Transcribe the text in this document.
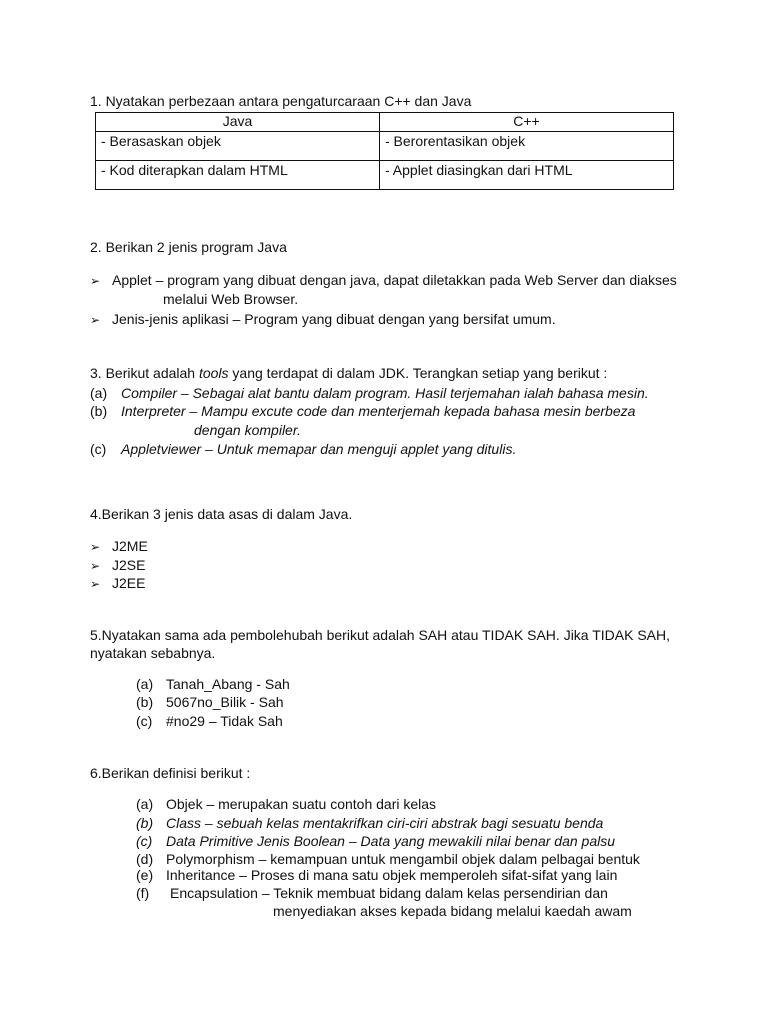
1. Nyatakan perbezaan antara pengaturcaraan C++ dan Java
Java	C++
- Berasaskan objek	- Berorentasikan objek
- Kod diterapkan dalam HTML	- Applet diasingkan dari HTML
2. Berikan 2 jenis program Java
➢ Applet – program yang dibuat dengan java, dapat diletakkan pada Web Server dan diakses
melalui Web Browser.
➢ Jenis-jenis aplikasi – Program yang dibuat dengan yang bersifat umum.
3. Berikut adalah tools yang terdapat di dalam JDK. Terangkan setiap yang berikut :
(a) Compiler – Sebagai alat bantu dalam program. Hasil terjemahan ialah bahasa mesin.
(b) Interpreter – Mampu excute code dan menterjemah kepada bahasa mesin berbeza
dengan kompiler.
(c) Appletviewer – Untuk memapar dan menguji applet yang ditulis.
4.Berikan 3 jenis data asas di dalam Java.
➢ J2ME
➢ J2SE
➢ J2EE
5.Nyatakan sama ada pembolehubah berikut adalah SAH atau TIDAK SAH. Jika TIDAK SAH,
nyatakan sebabnya.
(a) Tanah_Abang - Sah
(b) 5067no_Bilik - Sah
(c) #no29 – Tidak Sah
6.Berikan definisi berikut :
(a) Objek – merupakan suatu contoh dari kelas
(b) Class – sebuah kelas mentakrifkan ciri-ciri abstrak bagi sesuatu benda
(c) Data Primitive Jenis Boolean – Data yang mewakili nilai benar dan palsu
(d) Polymorphism – kemampuan untuk mengambil objek dalam pelbagai bentuk
(e) Inheritance – Proses di mana satu objek memperoleh sifat-sifat yang lain
(f) Encapsulation – Teknik membuat bidang dalam kelas persendirian dan
menyediakan akses kepada bidang melalui kaedah awam
